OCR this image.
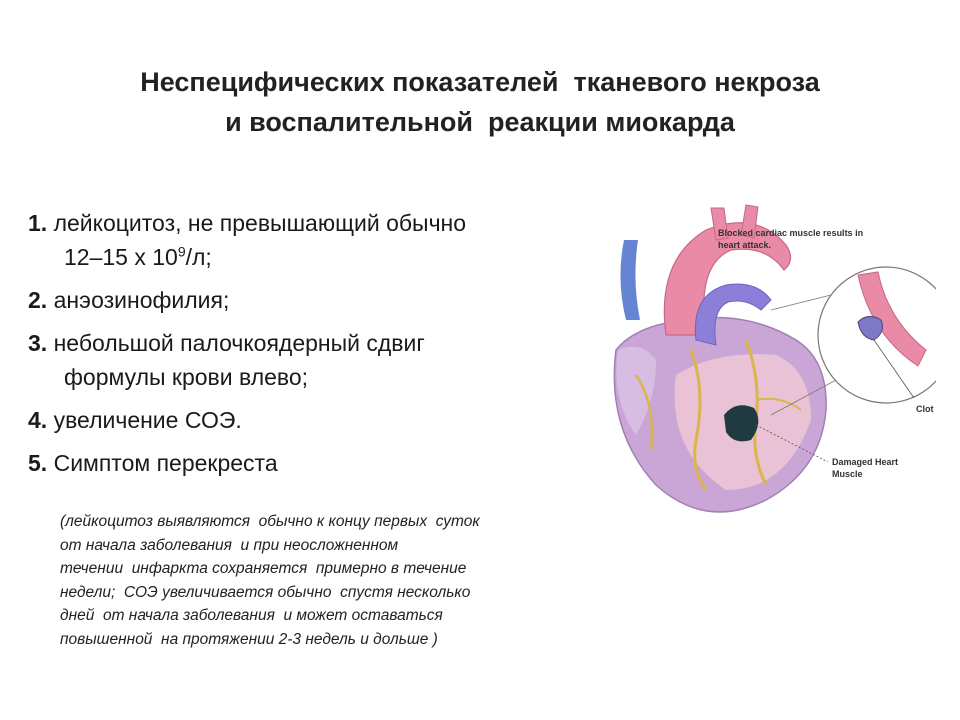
Неспецифических показателей  тканевого некроза
и воспалительной  реакции миокарда
1. лейкоцитоз, не превышающий обычно
12–15 х $10^9/л$;
2. анэозинофилия;
3. небольшой палочкоядерный сдвиг
формулы крови влево;
4. увеличение СОЭ.
5. Симптом перекреста
(лейкоцитоз выявляются  обычно к концу первых  суток
от начала заболевания  и при неосложненном
течении  инфаркта сохраняется  примерно в течение
недели;  СОЭ увеличивается обычно  спустя несколько
дней  от начала заболевания  и может оставаться
повышенной  на протяжении 2-3 недель и дольше )
Blocked cardiac muscle results in
heart attack.
Clot
Damaged Heart
Muscle
